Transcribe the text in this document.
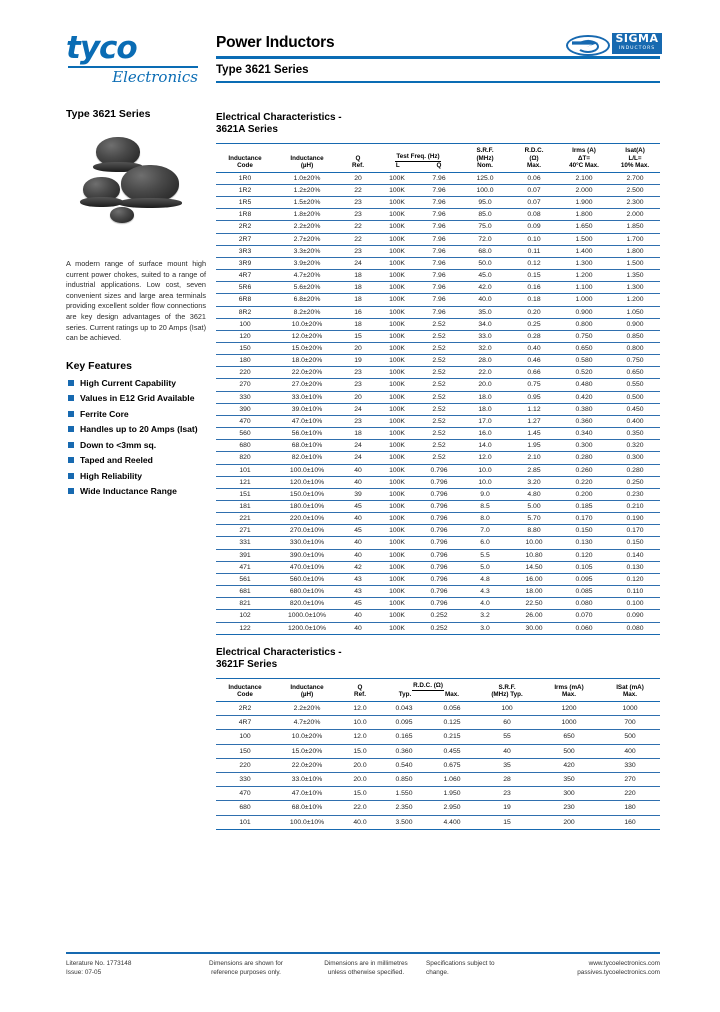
tyco
Electronics
Power Inductors
Type 3621 Series
SIGMA
INDUCTORS
Type 3621 Series
A modern range of surface mount high current power chokes, suited to a range of industrial applications. Low cost, seven convenient sizes and large area terminals providing excellent solder flow connections are key design advantages of the 3621 series. Current ratings up to 20 Amps (Isat) can be achieved.
Key Features
High Current Capability
Values in E12 Grid Available
Ferrite Core
Handles up to 20 Amps (Isat)
Down to <3mm sq.
Taped and Reeled
High Reliability
Wide Inductance Range
Electrical Characteristics -
3621A Series
Inductance
Code	Inductance
(µH)	Q
Ref.	Test Freq. (Hz)
L Q		S.R.F.
(MHz)
Nom.	R.D.C.
(Ω)
Max.	Irms (A)
ΔT=
40°C Max.	Isat(A)
L/L=
10% Max.
1R0	1.0±20%	20	100K	7.96	125.0	0.06	2.100	2.700
1R2	1.2±20%	22	100K	7.96	100.0	0.07	2.000	2.500
1R5	1.5±20%	23	100K	7.96	95.0	0.07	1.900	2.300
1R8	1.8±20%	23	100K	7.96	85.0	0.08	1.800	2.000
2R2	2.2±20%	22	100K	7.96	75.0	0.09	1.650	1.850
2R7	2.7±20%	22	100K	7.96	72.0	0.10	1.500	1.700
3R3	3.3±20%	23	100K	7.96	68.0	0.11	1.400	1.800
3R9	3.9±20%	24	100K	7.96	50.0	0.12	1.300	1.500
4R7	4.7±20%	18	100K	7.96	45.0	0.15	1.200	1.350
5R6	5.6±20%	18	100K	7.96	42.0	0.16	1.100	1.300
6R8	6.8±20%	18	100K	7.96	40.0	0.18	1.000	1.200
8R2	8.2±20%	16	100K	7.96	35.0	0.20	0.900	1.050
100	10.0±20%	18	100K	2.52	34.0	0.25	0.800	0.900
120	12.0±20%	15	100K	2.52	33.0	0.28	0.750	0.850
150	15.0±20%	20	100K	2.52	32.0	0.40	0.650	0.800
180	18.0±20%	19	100K	2.52	28.0	0.46	0.580	0.750
220	22.0±20%	23	100K	2.52	22.0	0.66	0.520	0.650
270	27.0±20%	23	100K	2.52	20.0	0.75	0.480	0.550
330	33.0±10%	20	100K	2.52	18.0	0.95	0.420	0.500
390	39.0±10%	24	100K	2.52	18.0	1.12	0.380	0.450
470	47.0±10%	23	100K	2.52	17.0	1.27	0.360	0.400
560	56.0±10%	18	100K	2.52	16.0	1.45	0.340	0.350
680	68.0±10%	24	100K	2.52	14.0	1.95	0.300	0.320
820	82.0±10%	24	100K	2.52	12.0	2.10	0.280	0.300
101	100.0±10%	40	100K	0.796	10.0	2.85	0.260	0.280
121	120.0±10%	40	100K	0.796	10.0	3.20	0.220	0.250
151	150.0±10%	39	100K	0.796	9.0	4.80	0.200	0.230
181	180.0±10%	45	100K	0.796	8.5	5.00	0.185	0.210
221	220.0±10%	40	100K	0.796	8.0	5.70	0.170	0.190
271	270.0±10%	45	100K	0.796	7.0	8.80	0.150	0.170
331	330.0±10%	40	100K	0.796	6.0	10.00	0.130	0.150
391	390.0±10%	40	100K	0.796	5.5	10.80	0.120	0.140
471	470.0±10%	42	100K	0.796	5.0	14.50	0.105	0.130
561	560.0±10%	43	100K	0.796	4.8	16.00	0.095	0.120
681	680.0±10%	43	100K	0.796	4.3	18.00	0.085	0.110
821	820.0±10%	45	100K	0.796	4.0	22.50	0.080	0.100
102	1000.0±10%	40	100K	0.252	3.2	26.00	0.070	0.090
122	1200.0±10%	40	100K	0.252	3.0	30.00	0.060	0.080
Electrical Characteristics -
3621F Series
Inductance
Code	Inductance
(µH)	Q
Ref.	R.D.C. (Ω)
Typ. Max.		S.R.F.
(MHz) Typ.	Irms (mA)
Max.	ISat (mA)
Max.
2R2	2.2±20%	12.0	0.043	0.056	100	1200	1000
4R7	4.7±20%	10.0	0.095	0.125	60	1000	700
100	10.0±20%	12.0	0.165	0.215	55	650	500
150	15.0±20%	15.0	0.360	0.455	40	500	400
220	22.0±20%	20.0	0.540	0.675	35	420	330
330	33.0±10%	20.0	0.850	1.060	28	350	270
470	47.0±10%	15.0	1.550	1.950	23	300	220
680	68.0±10%	22.0	2.350	2.950	19	230	180
101	100.0±10%	40.0	3.500	4.400	15	200	160
Literature No. 1773148
Issue: 07-05
Dimensions are shown for
reference purposes only.
Dimensions are in millimetres
unless otherwise specified.
Specifications subject to
change.
www.tycoelectronics.com
passives.tycoelectronics.com
